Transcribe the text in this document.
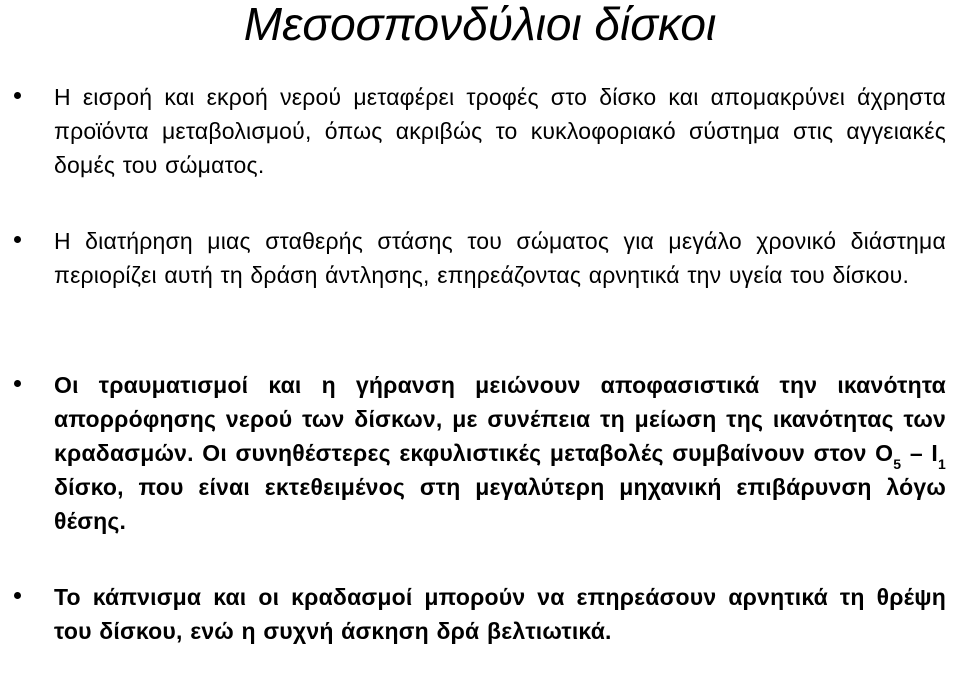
Μεσοσπονδύλιοι δίσκοι

Η εισροή και εκροή νερού μεταφέρει τροφές στο δίσκο και απομακρύνει άχρηστα προϊόντα μεταβολισμού, όπως ακριβώς το κυκλοφοριακό σύστημα στις αγγειακές δομές του σώματος.

Η διατήρηση μιας σταθερής στάσης του σώματος για μεγάλο χρονικό διάστημα περιορίζει αυτή τη δράση άντλησης, επηρεάζοντας αρνητικά την υγεία του δίσκου.

Οι τραυματισμοί και η γήρανση μειώνουν αποφασιστικά την ικανότητα απορρόφησης νερού των δίσκων, με συνέπεια τη μείωση της ικανότητας των κραδασμών. Οι συνηθέστερες εκφυλιστικές μεταβολές συμβαίνουν στον $O_5 - I_1$ δίσκο, που είναι εκτεθειμένος στη μεγαλύτερη μηχανική επιβάρυνση λόγω θέσης.

Το κάπνισμα και οι κραδασμοί μπορούν να επηρεάσουν αρνητικά τη θρέψη του δίσκου, ενώ η συχνή άσκηση δρά βελτιωτικά.
